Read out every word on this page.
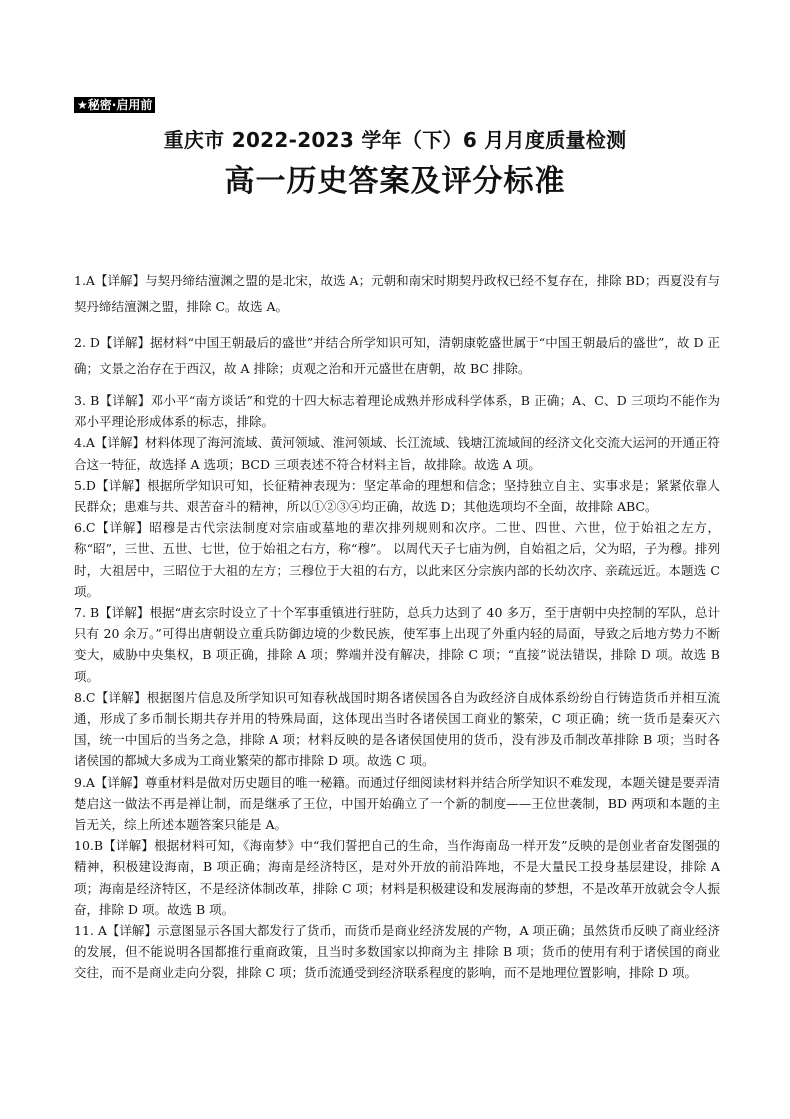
★秘密·启用前
重庆市 2022-2023 学年（下）6 月月度质量检测
高一历史答案及评分标准

1.A【详解】与契丹缔结澶渊之盟的是北宋，故选 A；元朝和南宋时期契丹政权已经不复存在，排除 BD；西夏没有与契丹缔结澶渊之盟，排除 C。故选 A。

2. D【详解】据材料“中国王朝最后的盛世”并结合所学知识可知，清朝康乾盛世属于“中国王朝最后的盛世”，故 D 正确；文景之治存在于西汉，故 A 排除；贞观之治和开元盛世在唐朝，故 BC 排除。

3. B【详解】邓小平“南方谈话”和党的十四大标志着理论成熟并形成科学体系，B 正确；A、C、D 三项均不能作为邓小平理论形成体系的标志，排除。

4.A【详解】材料体现了海河流域、黄河领域、淮河领域、长江流域、钱塘江流域间的经济文化交流大运河的开通正符合这一特征，故选择 A 选项；BCD 三项表述不符合材料主旨，故排除。故选 A 项。

5.D【详解】根据所学知识可知，长征精神表现为：坚定革命的理想和信念；坚持独立自主、实事求是；紧紧依靠人民群众；患难与共、艰苦奋斗的精神，所以①②③④均正确，故选 D；其他选项均不全面，故排除 ABC。

6.C【详解】昭穆是古代宗法制度对宗庙或墓地的辈次排列规则和次序。二世、四世、六世，位于始祖之左方，称“昭”，三世、五世、七世，位于始祖之右方，称“穆”。 以周代天子七庙为例，自始祖之后，父为昭，子为穆。排列时，大祖居中，三昭位于大祖的左方；三穆位于大祖的右方，以此来区分宗族内部的长幼次序、亲疏远近。本题选 C 项。

7. B【详解】根据“唐玄宗时设立了十个军事重镇进行驻防，总兵力达到了 40 多万，至于唐朝中央控制的军队，总计只有 20 余万。”可得出唐朝设立重兵防御边境的少数民族，使军事上出现了外重内轻的局面，导致之后地方势力不断变大，威胁中央集权，B 项正确，排除 A 项；弊端并没有解决，排除 C 项；“直接”说法错误，排除 D 项。故选 B 项。

8.C【详解】根据图片信息及所学知识可知春秋战国时期各诸侯国各自为政经济自成体系纷纷自行铸造货币并相互流通，形成了多币制长期共存并用的特殊局面，这体现出当时各诸侯国工商业的繁荣，C 项正确；统一货币是秦灭六国，统一中国后的当务之急，排除 A 项；材料反映的是各诸侯国使用的货币，没有涉及币制改革排除 B 项；当时各诸侯国的都城大多成为工商业繁荣的都市排除 D 项。故选 C 项。

9.A【详解】尊重材料是做对历史题目的唯一秘籍。而通过仔细阅读材料并结合所学知识不难发现，本题关键是要弄清楚启这一做法不再是禅让制，而是继承了王位，中国开始确立了一个新的制度——王位世袭制，BD 两项和本题的主旨无关，综上所述本题答案只能是 A。

10.B【详解】根据材料可知，《海南梦》中“我们誓把自己的生命，当作海南岛一样开发”反映的是创业者奋发图强的精神，积极建设海南，B 项正确；海南是经济特区，是对外开放的前沿阵地，不是大量民工投身基层建设，排除 A 项；海南是经济特区，不是经济体制改革，排除 C 项；材料是积极建设和发展海南的梦想，不是改革开放就会令人振奋，排除 D 项。故选 B 项。

11. A【详解】示意图显示各国大都发行了货币，而货币是商业经济发展的产物，A 项正确；虽然货币反映了商业经济的发展，但不能说明各国都推行重商政策，且当时多数国家以抑商为主 排除 B 项；货币的使用有利于诸侯国的商业交往，而不是商业走向分裂，排除 C 项；货币流通受到经济联系程度的影响，而不是地理位置影响，排除 D 项。
